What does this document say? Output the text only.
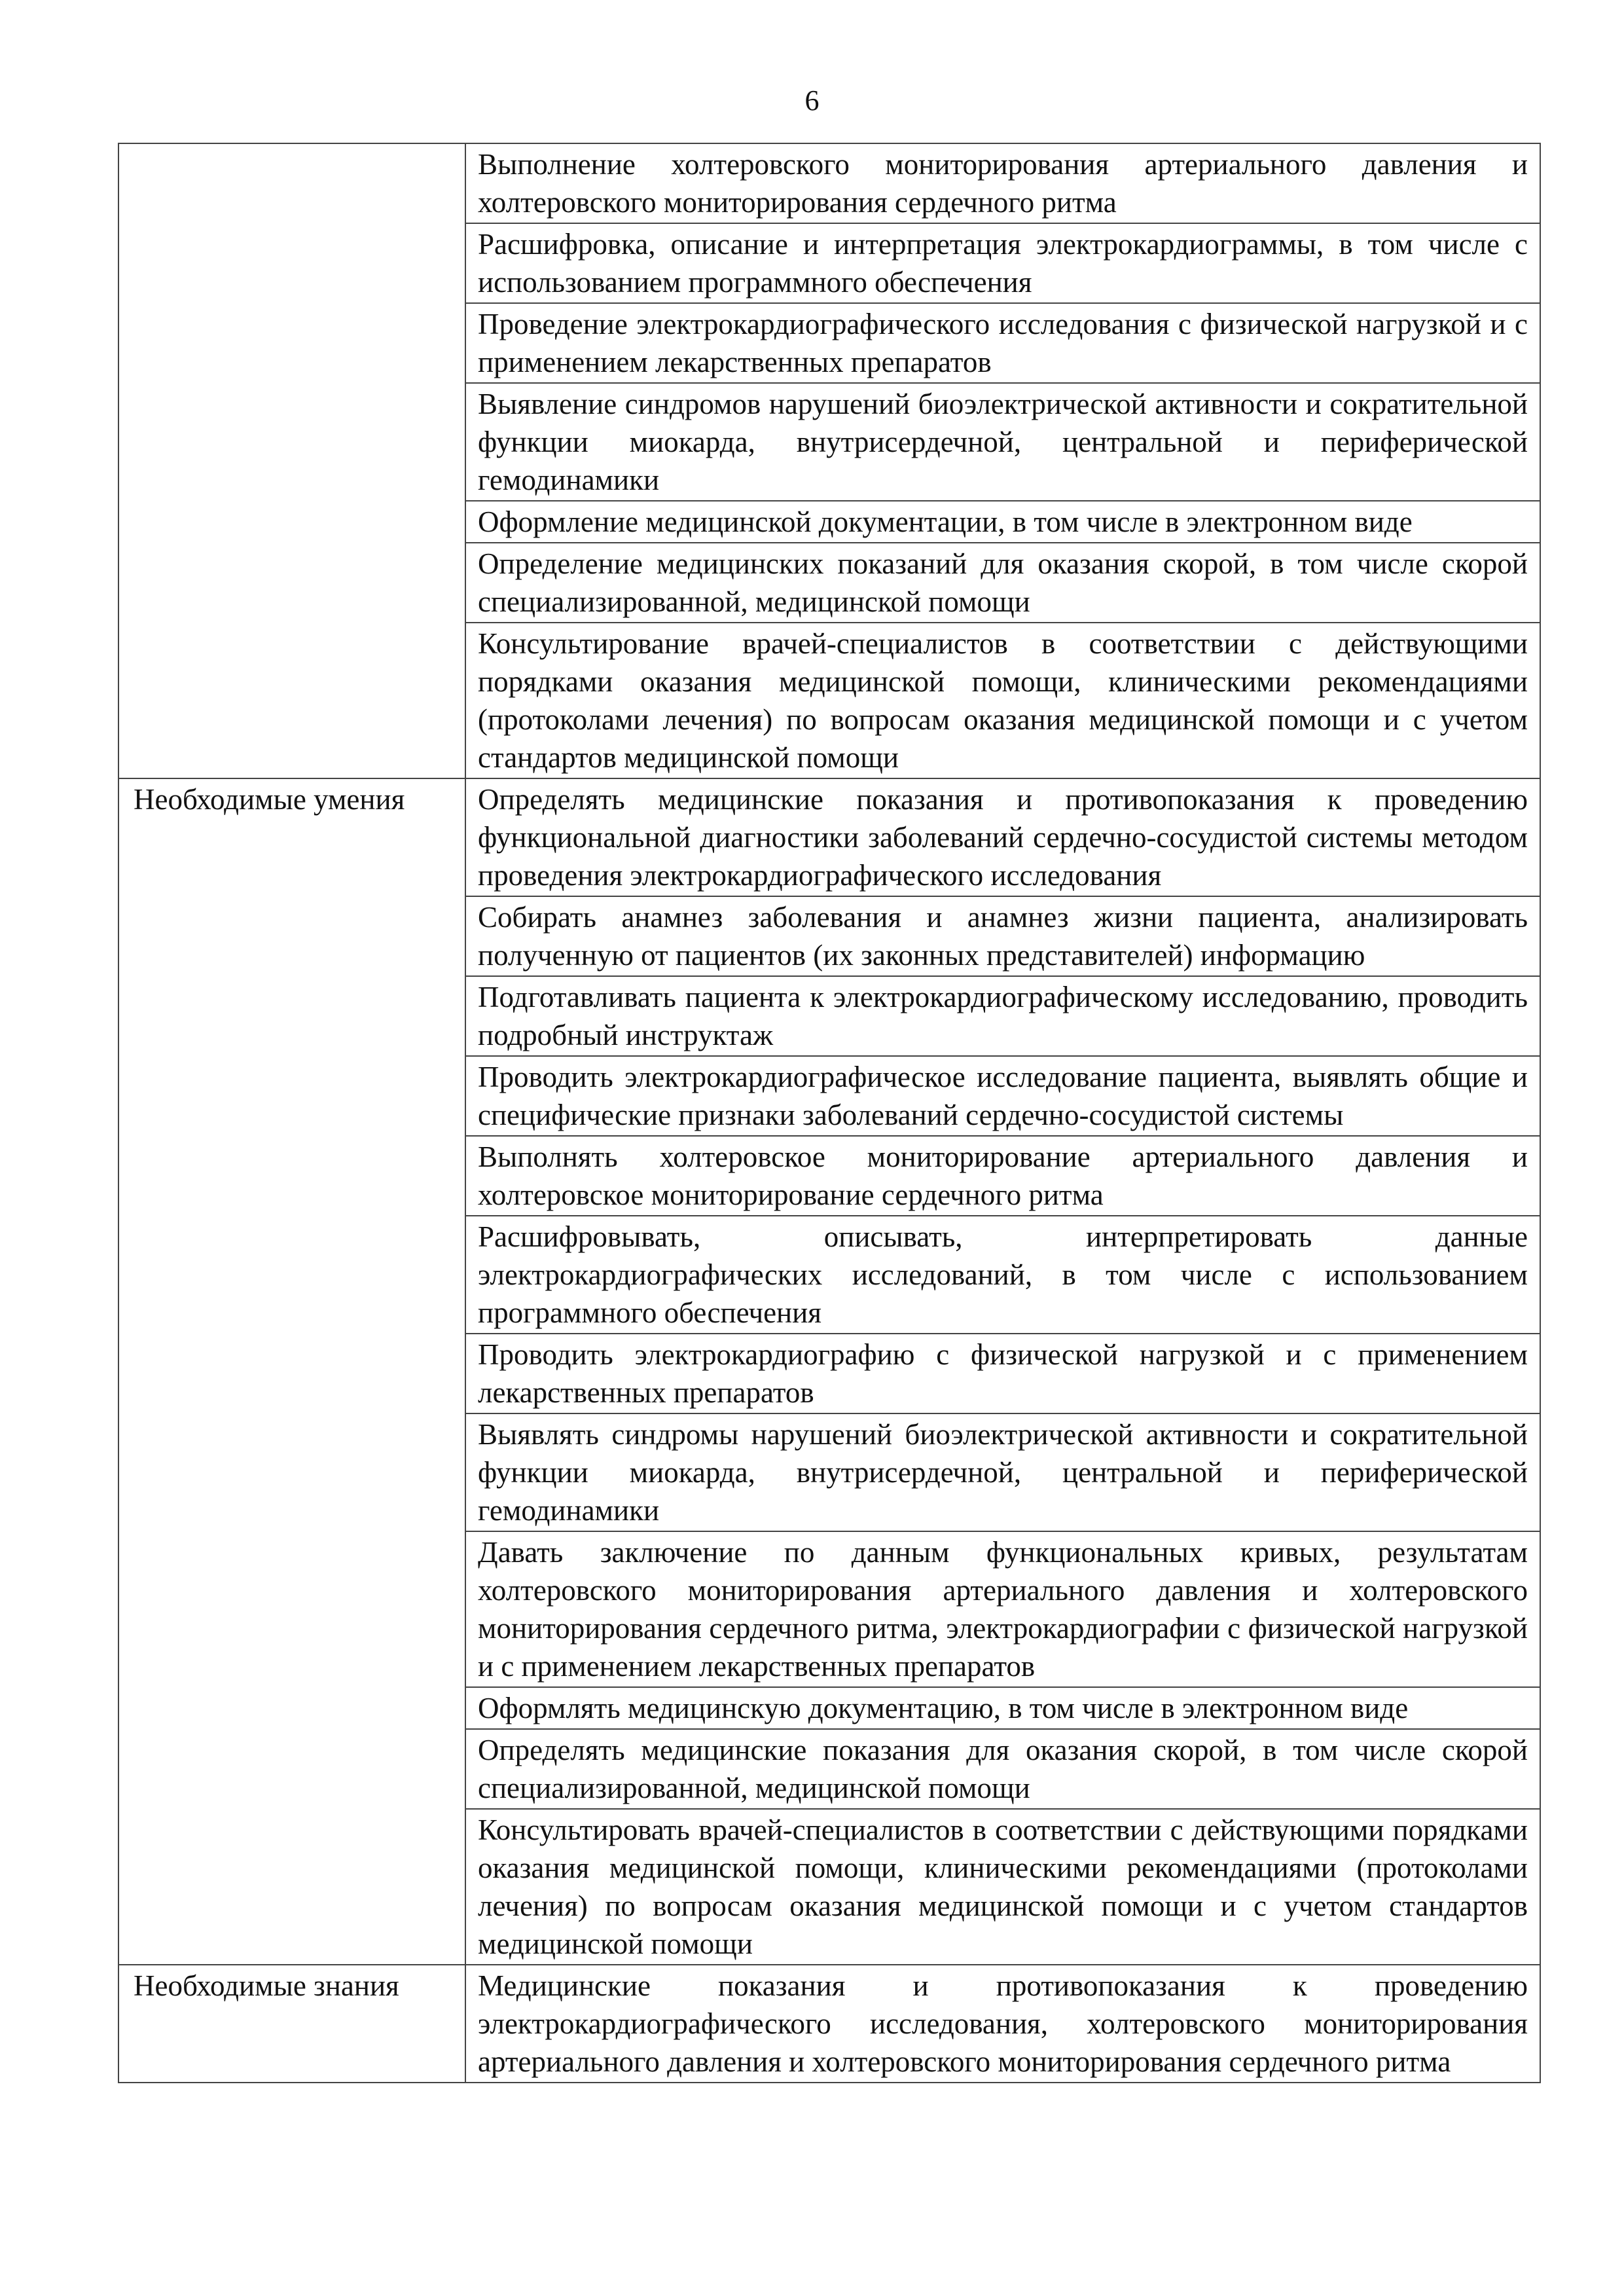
6
	Выполнение холтеровского мониторирования артериального давления и холтеровского мониторирования сердечного ритма
	Расшифровка, описание и интерпретация электрокардиограммы, в том числе с использованием программного обеспечения
	Проведение электрокардиографического исследования с физической нагрузкой и с применением лекарственных препаратов
	Выявление синдромов нарушений биоэлектрической активности и сократительной функции миокарда, внутрисердечной, центральной и периферической гемодинамики
	Оформление медицинской документации, в том числе в электронном виде
	Определение медицинских показаний для оказания скорой, в том числе скорой специализированной, медицинской помощи
	Консультирование врачей-специалистов в соответствии с действующими порядками оказания медицинской помощи, клиническими рекомендациями (протоколами лечения) по вопросам оказания медицинской помощи и с учетом стандартов медицинской помощи
Необходимые умения	Определять медицинские показания и противопоказания к проведению функциональной диагностики заболеваний сердечно-сосудистой системы методом проведения электрокардиографического исследования
	Собирать анамнез заболевания и анамнез жизни пациента, анализировать полученную от пациентов (их законных представителей) информацию
	Подготавливать пациента к электрокардиографическому исследованию, проводить подробный инструктаж
	Проводить электрокардиографическое исследование пациента, выявлять общие и специфические признаки заболеваний сердечно-сосудистой системы
	Выполнять холтеровское мониторирование артериального давления и холтеровское мониторирование сердечного ритма
	Расшифровывать, описывать, интерпретировать данные электрокардиографических исследований, в том числе с использованием программного обеспечения
	Проводить электрокардиографию с физической нагрузкой и с применением лекарственных препаратов
	Выявлять синдромы нарушений биоэлектрической активности и сократительной функции миокарда, внутрисердечной, центральной и периферической гемодинамики
	Давать заключение по данным функциональных кривых, результатам холтеровского мониторирования артериального давления и холтеровского мониторирования сердечного ритма, электрокардиографии с физической нагрузкой и с применением лекарственных препаратов
	Оформлять медицинскую документацию, в том числе в электронном виде
	Определять медицинские показания для оказания скорой, в том числе скорой специализированной, медицинской помощи
	Консультировать врачей-специалистов в соответствии с действующими порядками оказания медицинской помощи, клиническими рекомендациями (протоколами лечения) по вопросам оказания медицинской помощи и с учетом стандартов медицинской помощи
Необходимые знания	Медицинские показания и противопоказания к проведению электрокардиографического исследования, холтеровского мониторирования артериального давления и холтеровского мониторирования сердечного ритма
